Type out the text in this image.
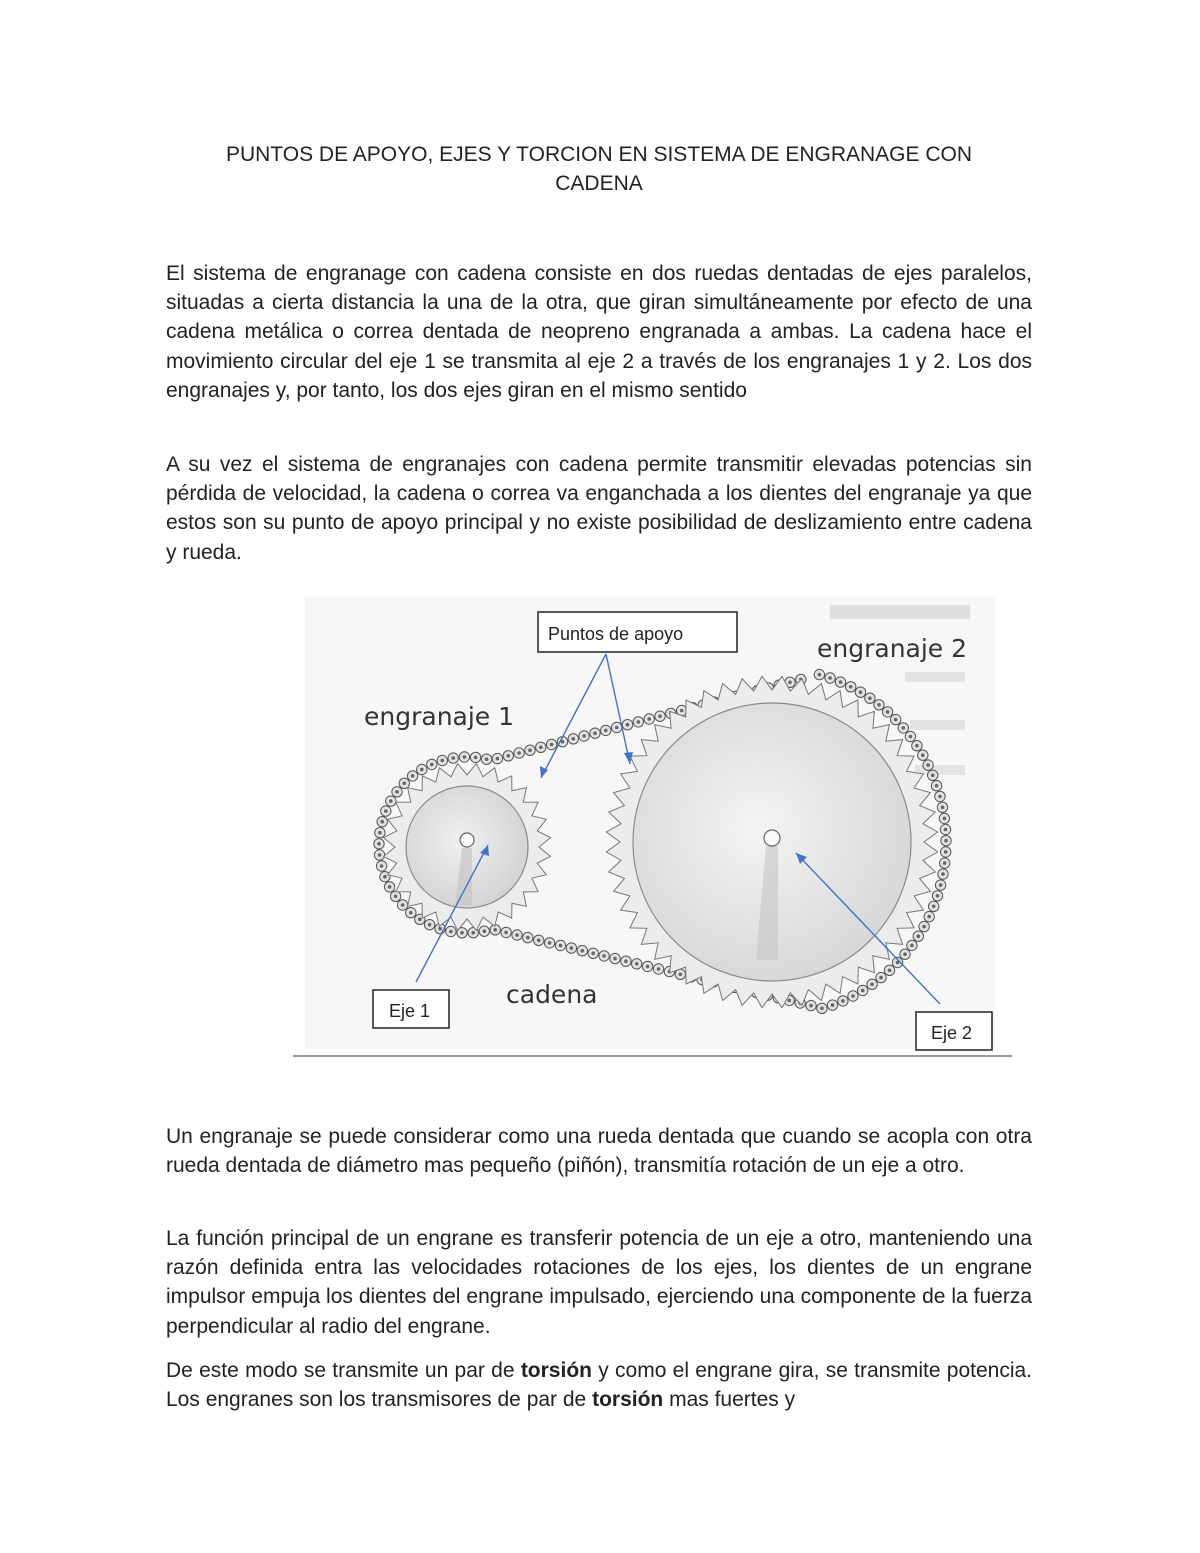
PUNTOS DE APOYO, EJES Y TORCION EN SISTEMA DE ENGRANAGE CON
CADENA

El sistema de engranage con cadena consiste en dos ruedas dentadas de ejes paralelos, situadas a cierta distancia la una de la otra, que giran simultáneamente por efecto de una cadena metálica o correa dentada de neopreno engranada a ambas. La cadena hace el movimiento circular del eje 1 se transmita al eje 2 a través de los engranajes 1 y 2. Los dos engranajes y, por tanto, los dos ejes giran en el mismo sentido

A su vez el sistema de engranajes con cadena permite transmitir elevadas potencias sin pérdida de velocidad, la cadena o correa va enganchada a los dientes del engranaje ya que estos son su punto de apoyo principal y no existe posibilidad de deslizamiento entre cadena y rueda.

engranaje 1
engranaje 2
cadena
Puntos de apoyo
Eje 1
Eje 2

Un engranaje se puede considerar como una rueda dentada que cuando se acopla con otra rueda dentada de diámetro mas pequeño (piñón), transmitía rotación de un eje a otro.

La función principal de un engrane es transferir potencia de un eje a otro, manteniendo una razón definida entra las velocidades rotaciones de los ejes, los dientes de un engrane impulsor empuja los dientes del engrane impulsado, ejerciendo una componente de la fuerza perpendicular al radio del engrane.

De este modo se transmite un par de torsión y como el engrane gira, se transmite potencia. Los engranes son los transmisores de par de torsión mas fuertes y
